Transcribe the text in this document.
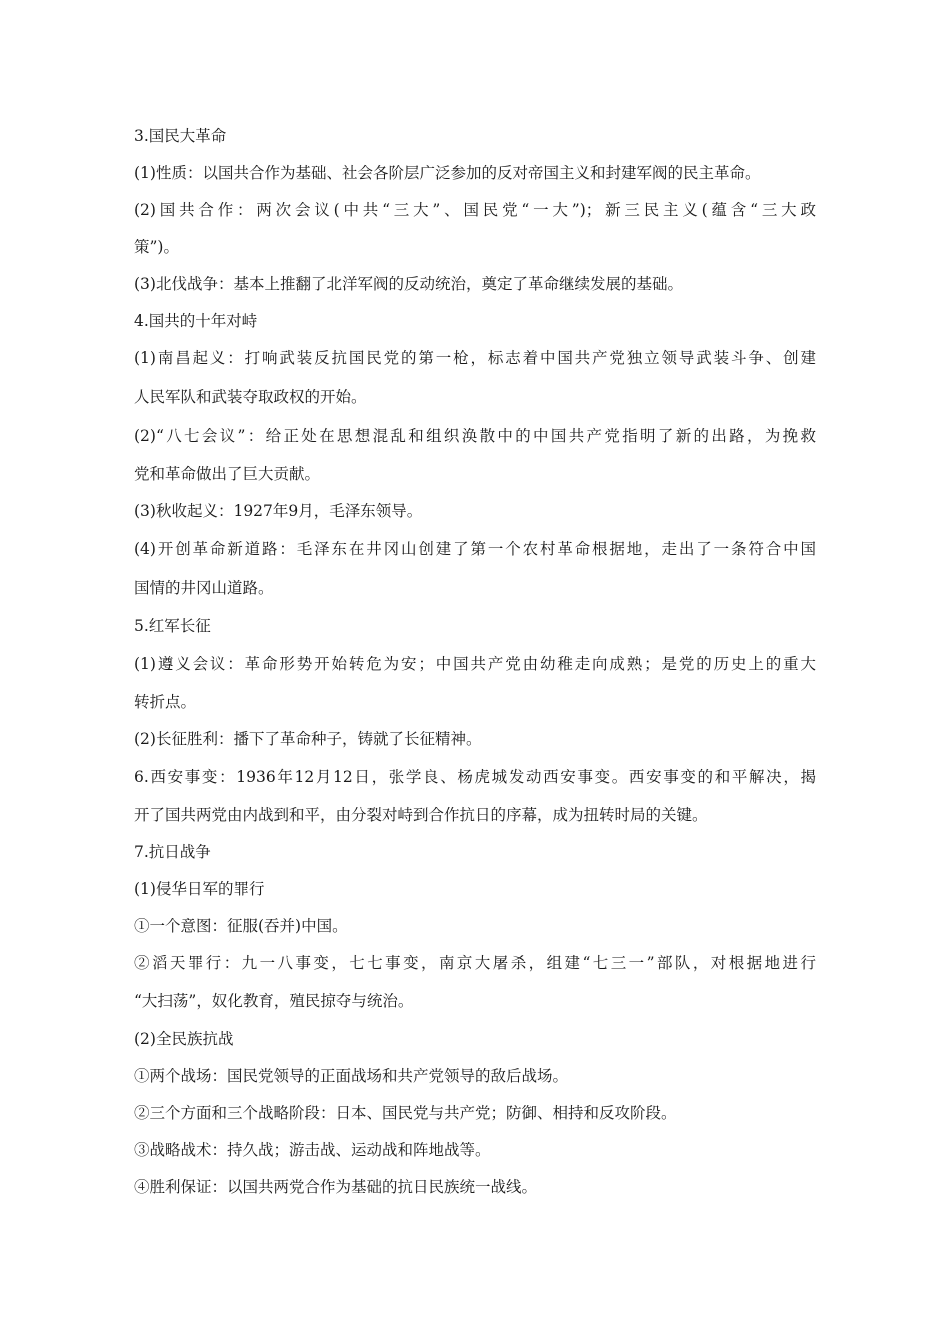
3.国民大革命
(1)性质：以国共合作为基础、社会各阶层广泛参加的反对帝国主义和封建军阀的民主革命。
(2)国共合作：两次会议(中共“三大”、国民党“一大”)；新三民主义(蕴含“三大政
策”)。
(3)北伐战争：基本上推翻了北洋军阀的反动统治，奠定了革命继续发展的基础。
4.国共的十年对峙
(1)南昌起义：打响武装反抗国民党的第一枪，标志着中国共产党独立领导武装斗争、创建
人民军队和武装夺取政权的开始。
(2)“八七会议”：给正处在思想混乱和组织涣散中的中国共产党指明了新的出路，为挽救
党和革命做出了巨大贡献。
(3)秋收起义：1927年9月，毛泽东领导。
(4)开创革命新道路：毛泽东在井冈山创建了第一个农村革命根据地，走出了一条符合中国
国情的井冈山道路。
5.红军长征
(1)遵义会议：革命形势开始转危为安；中国共产党由幼稚走向成熟；是党的历史上的重大
转折点。
(2)长征胜利：播下了革命种子，铸就了长征精神。
6.西安事变：1936年12月12日，张学良、杨虎城发动西安事变。西安事变的和平解决，揭
开了国共两党由内战到和平，由分裂对峙到合作抗日的序幕，成为扭转时局的关键。
7.抗日战争
(1)侵华日军的罪行
①一个意图：征服(吞并)中国。
②滔天罪行：九一八事变，七七事变，南京大屠杀，组建“七三一”部队，对根据地进行
“大扫荡”，奴化教育，殖民掠夺与统治。
(2)全民族抗战
①两个战场：国民党领导的正面战场和共产党领导的敌后战场。
②三个方面和三个战略阶段：日本、国民党与共产党；防御、相持和反攻阶段。
③战略战术：持久战；游击战、运动战和阵地战等。
④胜利保证：以国共两党合作为基础的抗日民族统一战线。
